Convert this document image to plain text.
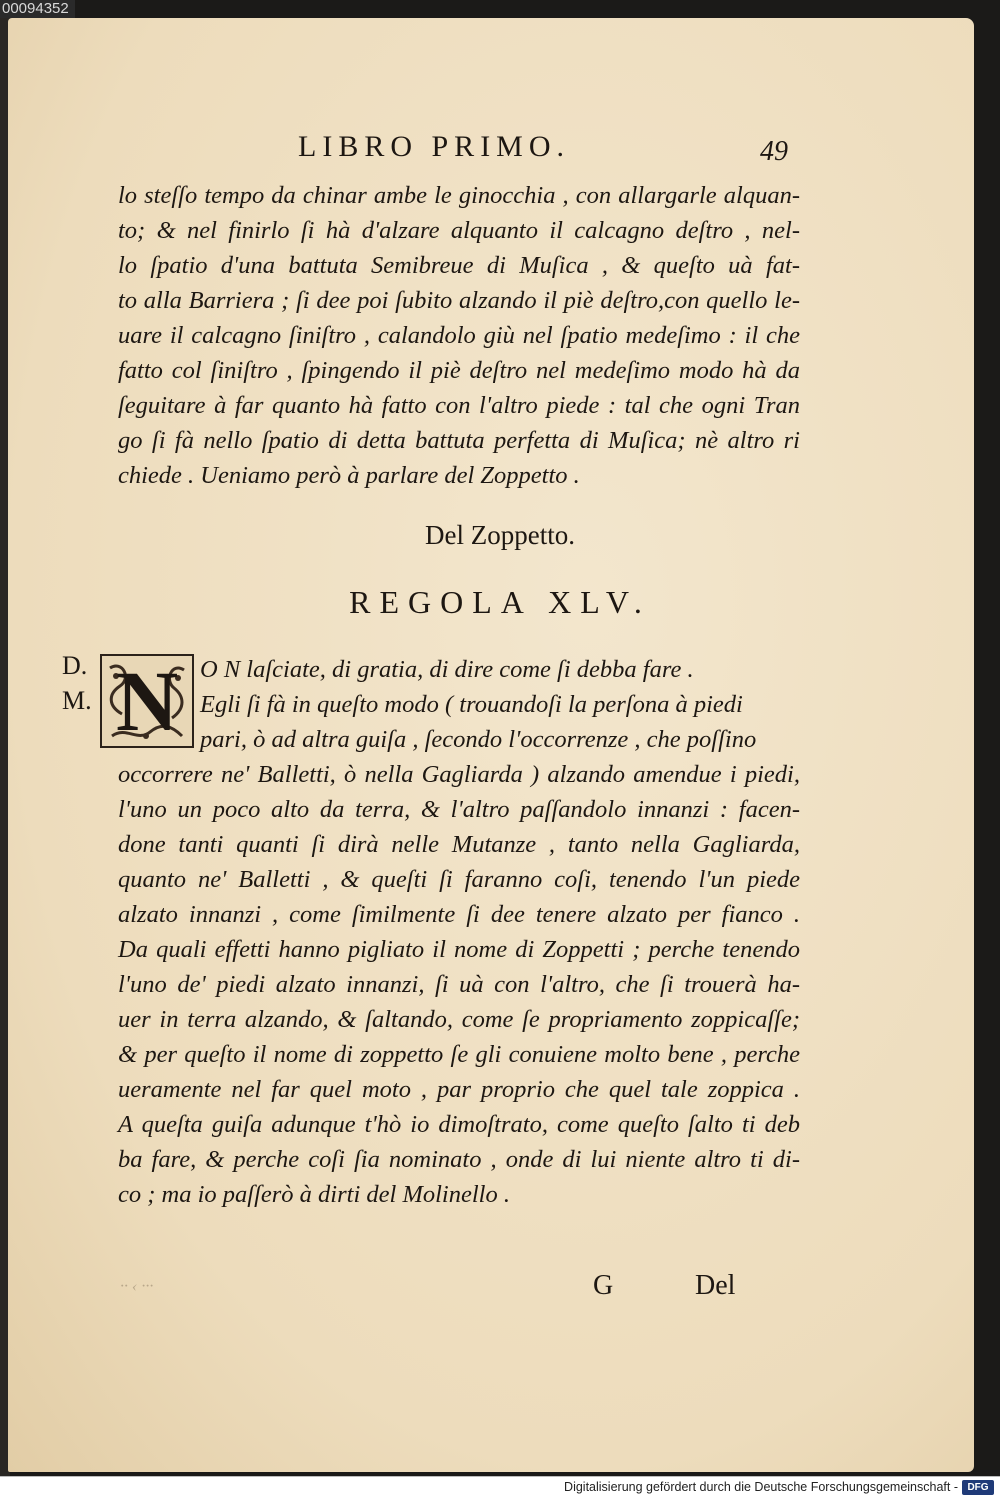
00094352
LIBRO PRIMO.	49
lo steſſo tempo da chinar ambe le ginocchia , con allargarle alquan-
to; & nel finirlo ſi hà d'alzare alquanto il calcagno deſtro , nel-
lo ſpatio d'una battuta Semibreue di Muſica , & queſto uà fat-
to alla Barriera ; ſi dee poi ſubito alzando il piè deſtro,con quello le-
uare il calcagno ſiniſtro , calandolo giù nel ſpatio medeſimo : il che
fatto col ſiniſtro , ſpingendo il piè deſtro nel medeſimo modo hà da
ſeguitare à far quanto hà fatto con l'altro piede : tal che ogni Tran
go ſi fà nello ſpatio di detta battuta perfetta di Muſica; nè altro ri
chiede . Ueniamo però à parlare del Zoppetto .
Del Zoppetto.
REGOLA XLV.
D.
M. N O N laſciate, di gratia, di dire come ſi debba fare .
Egli ſi fà in queſto modo ( trouandoſi la perſona à piedi
pari, ò ad altra guiſa , ſecondo l'occorrenze , che poſſino
occorrere ne' Balletti, ò nella Gagliarda ) alzando amendue i piedi,
l'uno un poco alto da terra, & l'altro paſſandolo innanzi : facen-
done tanti quanti ſi dirà nelle Mutanze , tanto nella Gagliarda,
quanto ne' Balletti , & queſti ſi faranno coſi, tenendo l'un piede
alzato innanzi , come ſimilmente ſi dee tenere alzato per fianco .
Da quali effetti hanno pigliato il nome di Zoppetti ; perche tenendo
l'uno de' piedi alzato innanzi, ſi uà con l'altro, che ſi trouerà ha-
uer in terra alzando, & ſaltando, come ſe propriamento zoppicaſſe;
& per queſto il nome di zoppetto ſe gli conuiene molto bene , perche
ueramente nel far quel moto , par proprio che quel tale zoppica .
A queſta guiſa adunque t'hò io dimoſtrato, come queſto ſalto ti deb
ba fare, & perche coſi ſia nominato , onde di lui niente altro ti di-
co ; ma io paſſerò à dirti del Molinello .
·· ‹ ···	G	Del
Digitalisierung gefördert durch die Deutsche Forschungsgemeinschaft - DFG
